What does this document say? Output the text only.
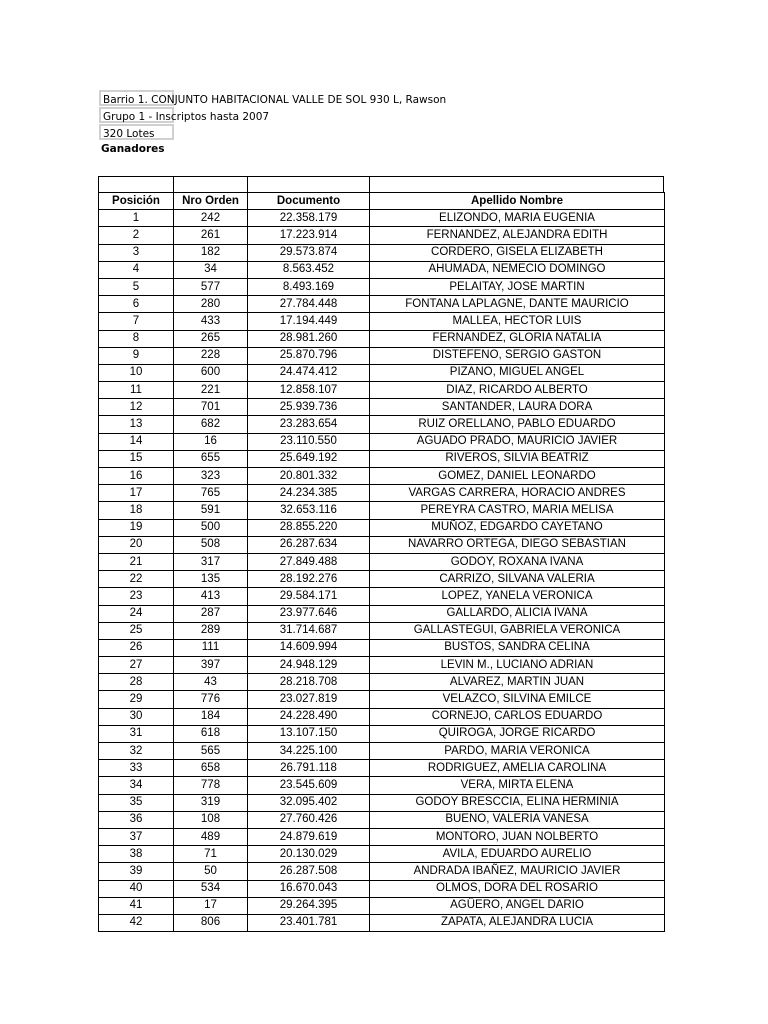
Barrio 1. CONJUNTO HABITACIONAL VALLE DE SOL 930 L, Rawson
Grupo 1 - Inscriptos hasta 2007
320 Lotes
Ganadores
Posición	Nro Orden	Documento	Apellido Nombre
1	242	22.358.179	ELIZONDO, MARIA EUGENIA
2	261	17.223.914	FERNANDEZ, ALEJANDRA EDITH
3	182	29.573.874	CORDERO, GISELA ELIZABETH
4	34	8.563.452	AHUMADA, NEMECIO DOMINGO
5	577	8.493.169	PELAITAY, JOSE MARTIN
6	280	27.784.448	FONTANA LAPLAGNE, DANTE MAURICIO
7	433	17.194.449	MALLEA, HECTOR LUIS
8	265	28.981.260	FERNANDEZ, GLORIA NATALIA
9	228	25.870.796	DISTEFENO, SERGIO GASTON
10	600	24.474.412	PIZANO, MIGUEL ANGEL
11	221	12.858.107	DIAZ, RICARDO ALBERTO
12	701	25.939.736	SANTANDER, LAURA DORA
13	682	23.283.654	RUIZ ORELLANO, PABLO EDUARDO
14	16	23.110.550	AGUADO PRADO, MAURICIO JAVIER
15	655	25.649.192	RIVEROS, SILVIA BEATRIZ
16	323	20.801.332	GOMEZ, DANIEL LEONARDO
17	765	24.234.385	VARGAS CARRERA, HORACIO ANDRES
18	591	32.653.116	PEREYRA CASTRO, MARIA MELISA
19	500	28.855.220	MUÑOZ, EDGARDO CAYETANO
20	508	26.287.634	NAVARRO ORTEGA, DIEGO SEBASTIAN
21	317	27.849.488	GODOY, ROXANA IVANA
22	135	28.192.276	CARRIZO, SILVANA VALERIA
23	413	29.584.171	LOPEZ, YANELA VERONICA
24	287	23.977.646	GALLARDO, ALICIA IVANA
25	289	31.714.687	GALLASTEGUI, GABRIELA VERONICA
26	111	14.609.994	BUSTOS, SANDRA CELINA
27	397	24.948.129	LEVIN M., LUCIANO ADRIAN
28	43	28.218.708	ALVAREZ, MARTIN JUAN
29	776	23.027.819	VELAZCO, SILVINA EMILCE
30	184	24.228.490	CORNEJO, CARLOS EDUARDO
31	618	13.107.150	QUIROGA, JORGE RICARDO
32	565	34.225.100	PARDO, MARIA VERONICA
33	658	26.791.118	RODRIGUEZ, AMELIA CAROLINA
34	778	23.545.609	VERA, MIRTA ELENA
35	319	32.095.402	GODOY BRESCCIA, ELINA HERMINIA
36	108	27.760.426	BUENO, VALERIA VANESA
37	489	24.879.619	MONTORO, JUAN NOLBERTO
38	71	20.130.029	AVILA, EDUARDO AURELIO
39	50	26.287.508	ANDRADA IBAÑEZ, MAURICIO JAVIER
40	534	16.670.043	OLMOS, DORA DEL ROSARIO
41	17	29.264.395	AGÜERO, ANGEL DARIO
42	806	23.401.781	ZAPATA, ALEJANDRA LUCIA
